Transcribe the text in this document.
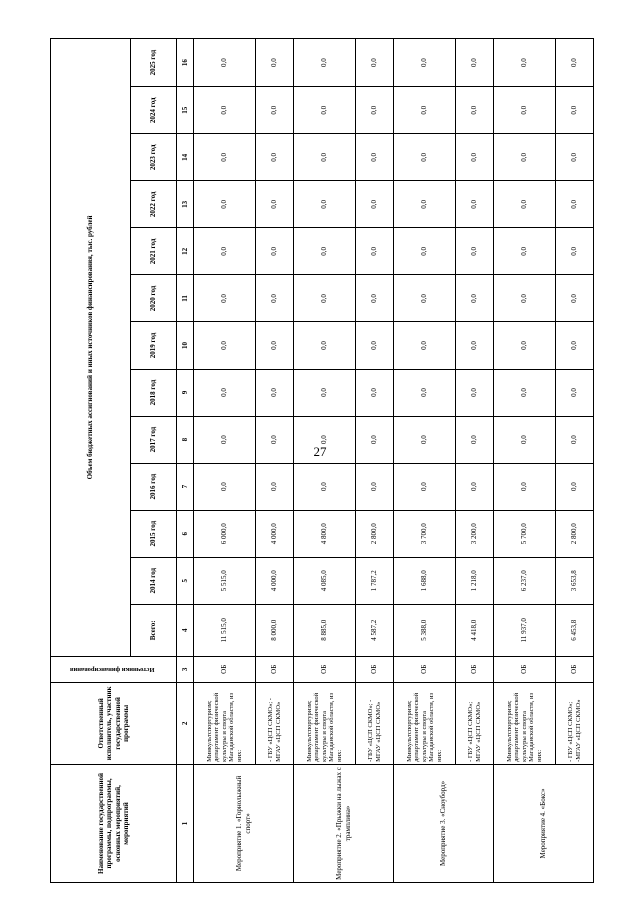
27
Наименование государственной программы, подпрограммы, основных мероприятий, мероприятий	Ответственный исполнитель, участник государственной программы	Источники финансирования	Объем бюджетных ассигнований и иных источников финансирования, тыс. рублей												
			Всего:	2014 год	2015 год	2016 год	2017 год	2018 год	2019 год	2020 год	2021 год	2022 год	2023 год	2024 год	2025 год
1	2	3	4	5	6	7	8	9	10	11	12	13	14	15	16
Мероприятие 1. «Горнолыжный спорт»	Минкультспортуризм; департамент физической культуры и спорта Магаданской области, из них:	ОБ	11 515,0	5 515,0	6 000,0	0,0	0,0	0,0	0,0	0,0	0,0	0,0	0,0	0,0	0,0
	- ГБУ «ЦСП СКМО»; - МГАУ «ЦСП СКМО»	ОБ	8 000,0	4 000,0	4 000,0	0,0	0,0	0,0	0,0	0,0	0,0	0,0	0,0	0,0	0,0
Мероприятие 2. «Прыжки на лыжах с трамплина»	Минкультспортуризм; департамент физической культуры и спорта Магаданской области, из них:	ОБ	8 885,0	4 085,0	4 800,0	0,0	0,0	0,0	0,0	0,0	0,0	0,0	0,0	0,0	0,0
	-ГБУ «ЦСП СКМО»; - МГАУ «ЦСП СКМО»	ОБ	4 587,2	1 787,2	2 800,0	0,0	0,0	0,0	0,0	0,0	0,0	0,0	0,0	0,0	0,0
Мероприятие 3. «Сноуборд»	Минкультспортуризм; департамент физической культуры и спорта Магаданской области, из них:	ОБ	5 388,0	1 688,0	3 700,0	0,0	0,0	0,0	0,0	0,0	0,0	0,0	0,0	0,0	0,0
	- ГБУ «ЦСП СКМО»; МГАУ «ЦСП СКМО»	ОБ	4 418,0	1 218,0	3 200,0	0,0	0,0	0,0	0,0	0,0	0,0	0,0	0,0	0,0	0,0
Мероприятие 4. «Бокс»	Минкультспортуризм; департамент физической культуры и спорта Магаданской области, из них:	ОБ	11 937,0	6 237,0	5 700,0	0,0	0,0	0,0	0,0	0,0	0,0	0,0	0,0	0,0	0,0
	- ГБУ «ЦСП СКМО»; -МГАУ «ЦСП СКМО»	ОБ	6 453,8	3 653,8	2 800,0	0,0	0,0	0,0	0,0	0,0	0,0	0,0	0,0	0,0	0,0
